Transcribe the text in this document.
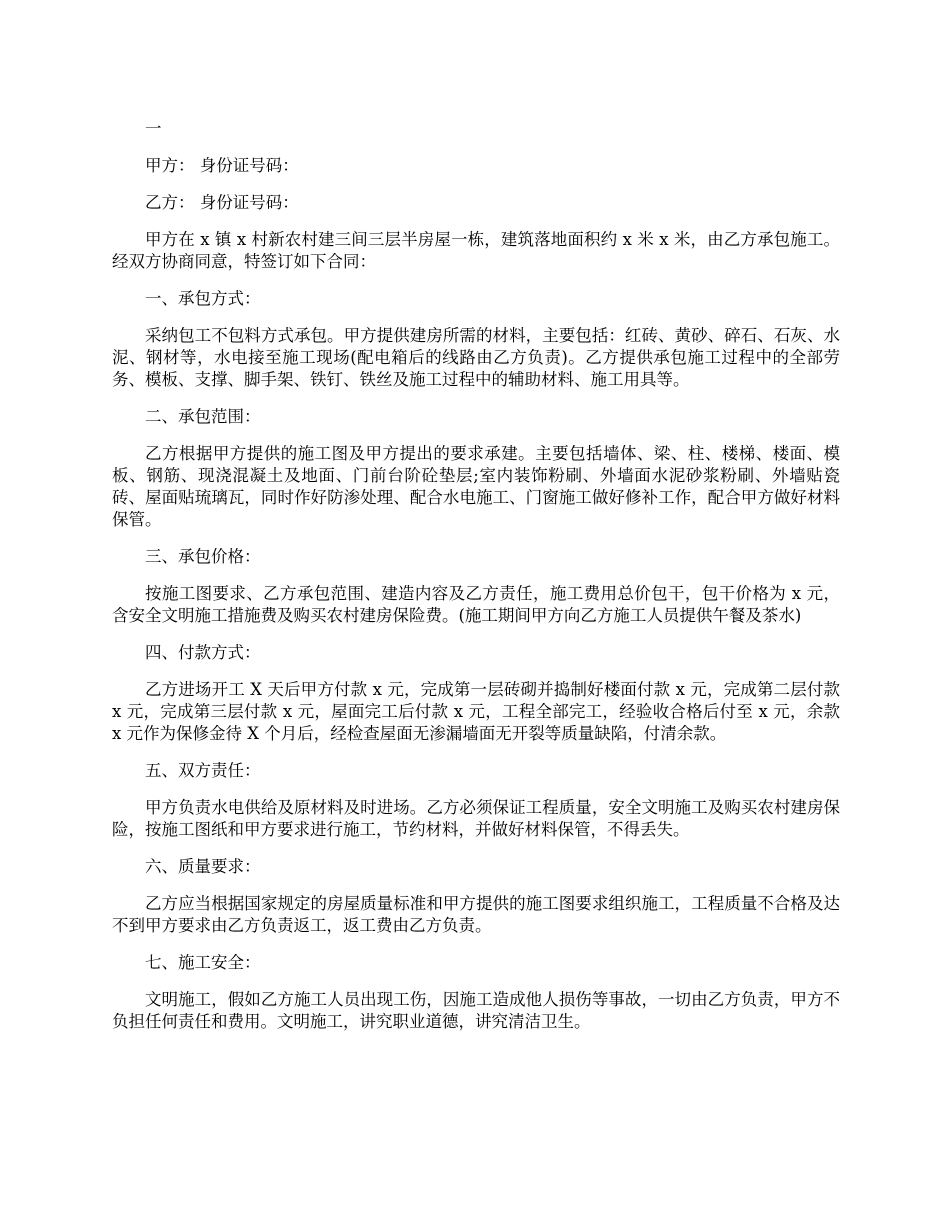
一

甲方： 身份证号码：

乙方： 身份证号码：

甲方在 x 镇 x 村新农村建三间三层半房屋一栋，建筑落地面积约 x 米 x 米，由乙方承包施工。经双方协商同意，特签订如下合同：

一、承包方式：

采纳包工不包料方式承包。甲方提供建房所需的材料，主要包括：红砖、黄砂、碎石、石灰、水泥、钢材等，水电接至施工现场(配电箱后的线路由乙方负责)。乙方提供承包施工过程中的全部劳务、模板、支撑、脚手架、铁钉、铁丝及施工过程中的辅助材料、施工用具等。

二、承包范围：

乙方根据甲方提供的施工图及甲方提出的要求承建。主要包括墙体、梁、柱、楼梯、楼面、模板、钢筋、现浇混凝土及地面、门前台阶砼垫层;室内装饰粉刷、外墙面水泥砂浆粉刷、外墙贴瓷砖、屋面贴琉璃瓦，同时作好防渗处理、配合水电施工、门窗施工做好修补工作，配合甲方做好材料保管。

三、承包价格：

按施工图要求、乙方承包范围、建造内容及乙方责任，施工费用总价包干，包干价格为 x 元，含安全文明施工措施费及购买农村建房保险费。(施工期间甲方向乙方施工人员提供午餐及茶水)

四、付款方式：

乙方进场开工 X 天后甲方付款 x 元，完成第一层砖砌并捣制好楼面付款 x 元，完成第二层付款 x 元，完成第三层付款 x 元，屋面完工后付款 x 元，工程全部完工，经验收合格后付至 x 元，余款 x 元作为保修金待 X 个月后，经检查屋面无渗漏墙面无开裂等质量缺陷，付清余款。

五、双方责任：

甲方负责水电供给及原材料及时进场。乙方必须保证工程质量，安全文明施工及购买农村建房保险，按施工图纸和甲方要求进行施工，节约材料，并做好材料保管，不得丢失。

六、质量要求：

乙方应当根据国家规定的房屋质量标准和甲方提供的施工图要求组织施工，工程质量不合格及达不到甲方要求由乙方负责返工，返工费由乙方负责。

七、施工安全：

文明施工，假如乙方施工人员出现工伤，因施工造成他人损伤等事故，一切由乙方负责，甲方不负担任何责任和费用。文明施工，讲究职业道德，讲究清洁卫生。
